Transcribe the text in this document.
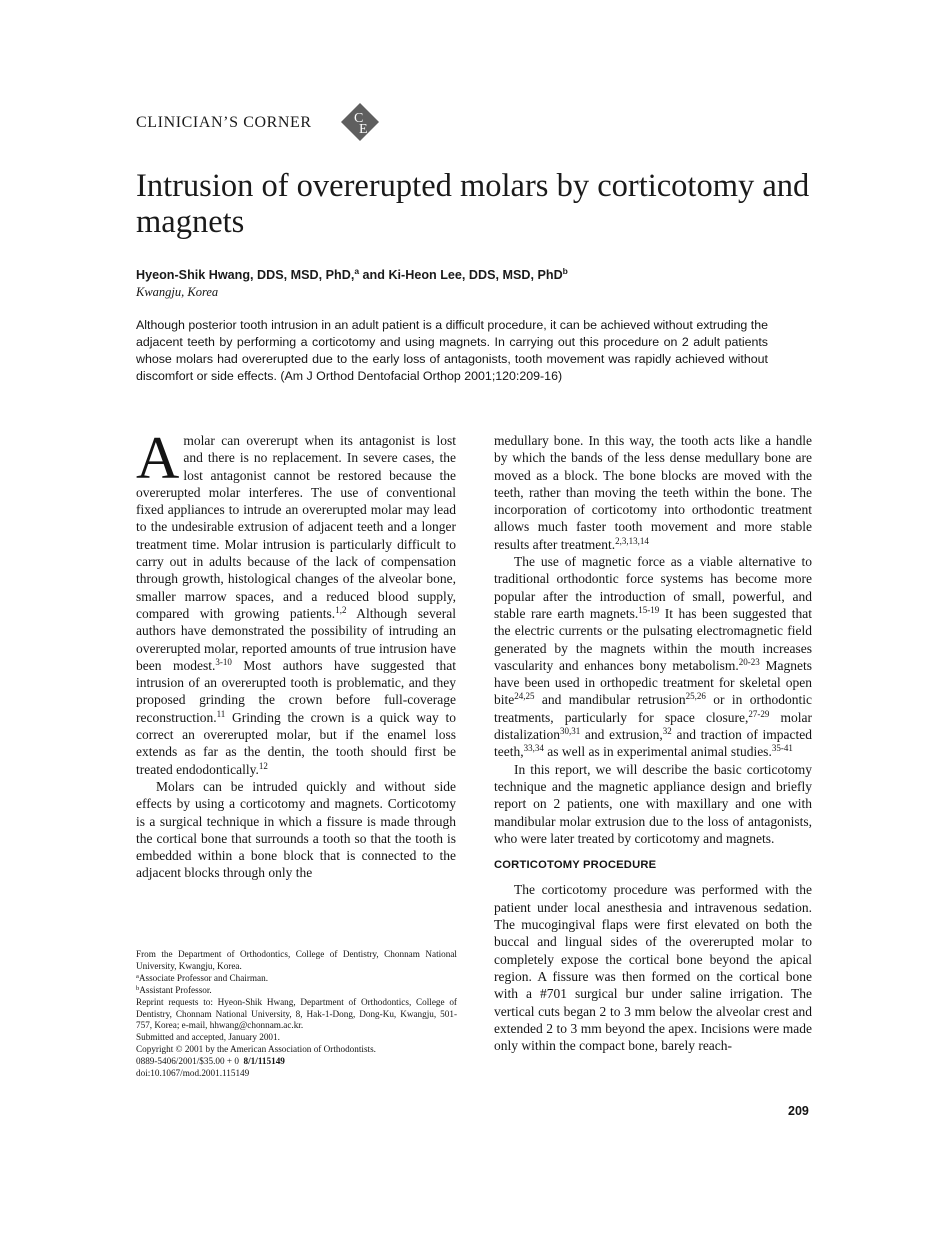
CLINICIAN’S CORNER	C
E
Intrusion of overerupted molars by corticotomy and magnets
Hyeon-Shik Hwang, DDS, MSD, PhD,$^a$ and Ki-Heon Lee, DDS, MSD, PhD$^b$
Kwangju, Korea

Although posterior tooth intrusion in an adult patient is a difficult procedure, it can be achieved without extruding the adjacent teeth by performing a corticotomy and using magnets. In carrying out this procedure on 2 adult patients whose molars had overerupted due to the early loss of antagonists, tooth movement was rapidly achieved without discomfort or side effects. (Am J Orthod Dentofacial Orthop 2001;120:209-16)

A molar can overerupt when its antagonist is lost and there is no replacement. In severe cases, the lost antagonist cannot be restored because the overerupted molar interferes. The use of conventional fixed appliances to intrude an overerupted molar may lead to the undesirable extrusion of adjacent teeth and a longer treatment time. Molar intrusion is particularly difficult to carry out in adults because of the lack of compensation through growth, histological changes of the alveolar bone, smaller marrow spaces, and a reduced blood supply, compared with growing patients.$^{1,2}$ Although several authors have demonstrated the possibility of intruding an overerupted molar, reported amounts of true intrusion have been modest.$^{3-10}$ Most authors have suggested that intrusion of an overerupted tooth is problematic, and they proposed grinding the crown before full-coverage reconstruction.$^{11}$ Grinding the crown is a quick way to correct an overerupted molar, but if the enamel loss extends as far as the dentin, the tooth should first be treated endodontically.$^{12}$

Molars can be intruded quickly and without side effects by using a corticotomy and magnets. Corticotomy is a surgical technique in which a fissure is made through the cortical bone that surrounds a tooth so that the tooth is embedded within a bone block that is connected to the adjacent blocks through only the

medullary bone. In this way, the tooth acts like a handle by which the bands of the less dense medullary bone are moved as a block. The bone blocks are moved with the teeth, rather than moving the teeth within the bone. The incorporation of corticotomy into orthodontic treatment allows much faster tooth movement and more stable results after treatment.$^{2,3,13,14}$

The use of magnetic force as a viable alternative to traditional orthodontic force systems has become more popular after the introduction of small, powerful, and stable rare earth magnets.$^{15-19}$ It has been suggested that the electric currents or the pulsating electromagnetic field generated by the magnets within the mouth increases vascularity and enhances bony metabolism.$^{20-23}$ Magnets have been used in orthopedic treatment for skeletal open bite$^{24,25}$ and mandibular retrusion$^{25,26}$ or in orthodontic treatments, particularly for space closure,$^{27-29}$ molar distalization$^{30,31}$ and extrusion,$^{32}$ and traction of impacted teeth,$^{33,34}$ as well as in experimental animal studies.$^{35-41}$

In this report, we will describe the basic corticotomy technique and the magnetic appliance design and briefly report on 2 patients, one with maxillary and one with mandibular molar extrusion due to the loss of antagonists, who were later treated by corticotomy and magnets.

CORTICOTOMY PROCEDURE

The corticotomy procedure was performed with the patient under local anesthesia and intravenous sedation. The mucogingival flaps were first elevated on both the buccal and lingual sides of the overerupted molar to completely expose the cortical bone beyond the apical region. A fissure was then formed on the cortical bone with a #701 surgical bur under saline irrigation. The vertical cuts began 2 to 3 mm below the alveolar crest and extended 2 to 3 mm beyond the apex. Incisions were made only within the compact bone, barely reach-

From the Department of Orthodontics, College of Dentistry, Chonnam National University, Kwangju, Korea.
$^a$Associate Professor and Chairman.
$^b$Assistant Professor.
Reprint requests to: Hyeon-Shik Hwang, Department of Orthodontics, College of Dentistry, Chonnam National University, 8, Hak-1-Dong, Dong-Ku, Kwangju, 501-757, Korea; e-mail, hhwang@chonnam.ac.kr.
Submitted and accepted, January 2001.
Copyright © 2001 by the American Association of Orthodontists.
0889-5406/2001/$35.00 + 0  8/1/115149
doi:10.1067/mod.2001.115149
209
